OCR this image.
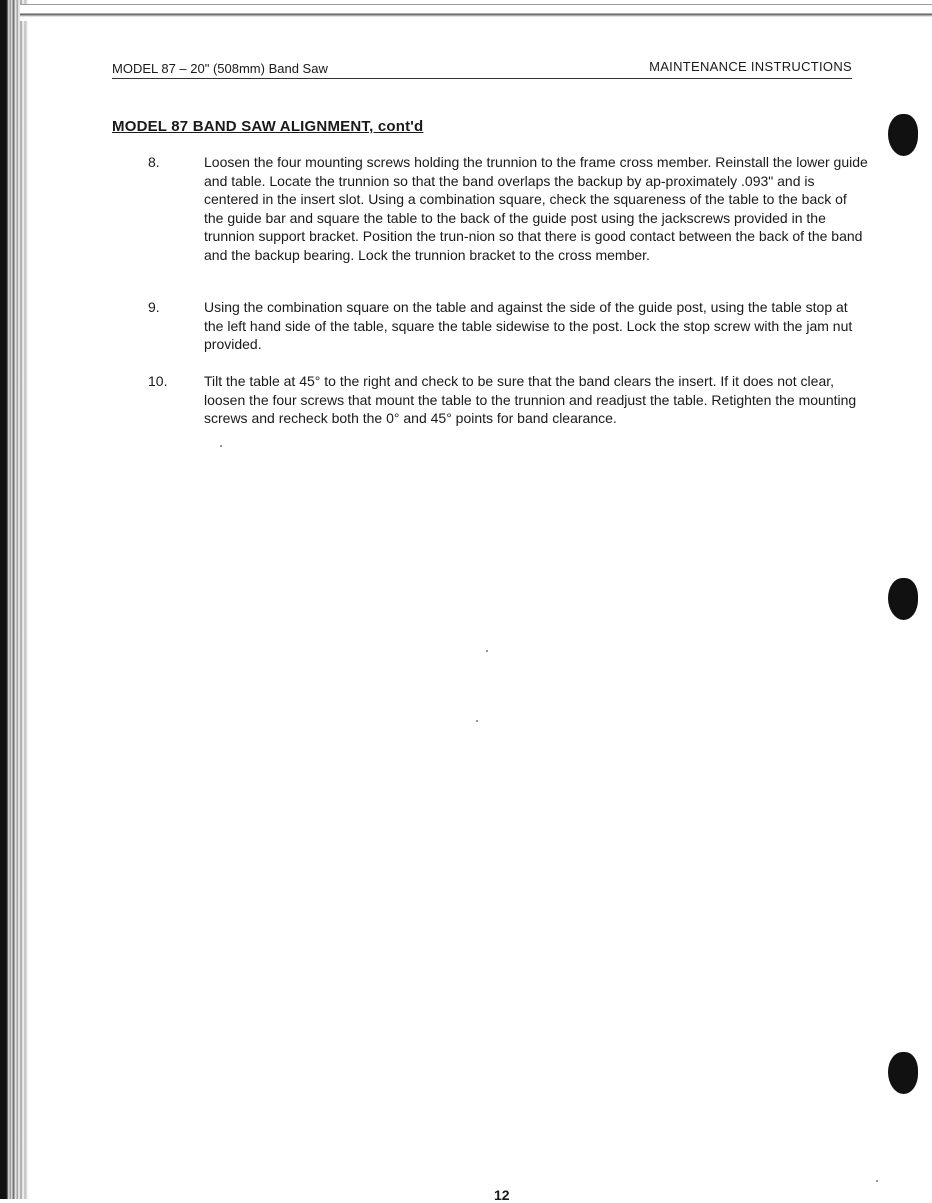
MODEL 87 – 20" (508mm) Band Saw	MAINTENANCE INSTRUCTIONS
MODEL 87 BAND SAW ALIGNMENT, cont'd
8.	Loosen the four mounting screws holding the trunnion to the frame cross member. Reinstall the lower guide and table. Locate the trunnion so that the band overlaps the backup by ap-proximately .093" and is centered in the insert slot. Using a combination square, check the squareness of the table to the back of the guide bar and square the table to the back of the guide post using the jackscrews provided in the trunnion support bracket. Position the trun-nion so that there is good contact between the back of the band and the backup bearing. Lock the trunnion bracket to the cross member.
9.	Using the combination square on the table and against the side of the guide post, using the table stop at the left hand side of the table, square the table sidewise to the post. Lock the stop screw with the jam nut provided.
10.	Tilt the table at 45° to the right and check to be sure that the band clears the insert. If it does not clear, loosen the four screws that mount the table to the trunnion and readjust the table. Retighten the mounting screws and recheck both the 0° and 45° points for band clearance.
12
